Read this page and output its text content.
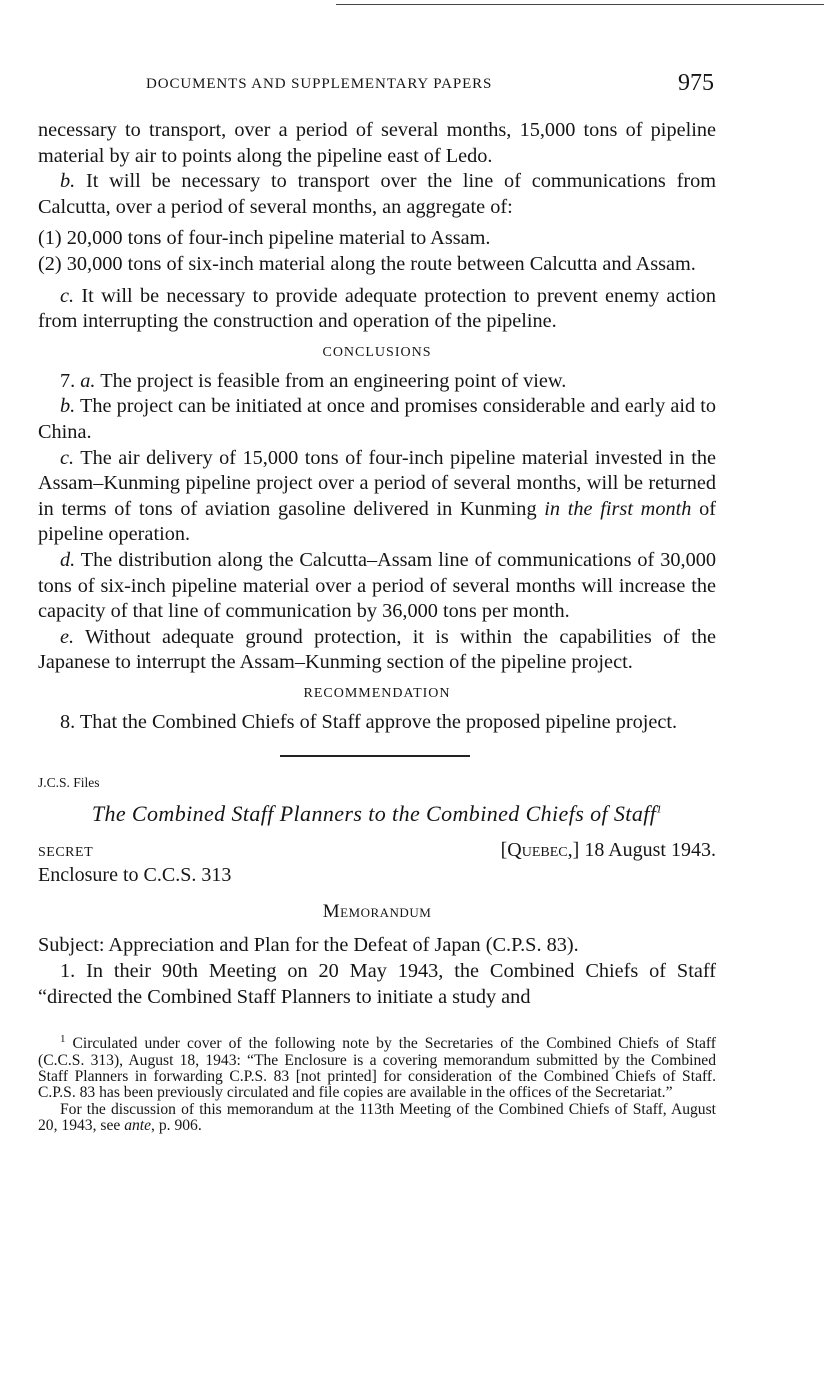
DOCUMENTS AND SUPPLEMENTARY PAPERS	975

necessary to transport, over a period of several months, 15,000 tons of pipeline material by air to points along the pipeline east of Ledo.

b. It will be necessary to transport over the line of communications from Calcutta, over a period of several months, an aggregate of:

(1) 20,000 tons of four-inch pipeline material to Assam.

(2) 30,000 tons of six-inch material along the route between Calcutta and Assam.

c. It will be necessary to provide adequate protection to prevent enemy action from interrupting the construction and operation of the pipeline.

CONCLUSIONS

7. a. The project is feasible from an engineering point of view.

b. The project can be initiated at once and promises considerable and early aid to China.

c. The air delivery of 15,000 tons of four-inch pipeline material invested in the Assam–Kunming pipeline project over a period of several months, will be returned in terms of tons of aviation gasoline delivered in Kunming in the first month of pipeline operation.

d. The distribution along the Calcutta–Assam line of communications of 30,000 tons of six-inch pipeline material over a period of several months will increase the capacity of that line of communication by 36,000 tons per month.

e. Without adequate ground protection, it is within the capabilities of the Japanese to interrupt the Assam–Kunming section of the pipeline project.

RECOMMENDATION

8. That the Combined Chiefs of Staff approve the proposed pipeline project.

J.C.S. Files
The Combined Staff Planners to the Combined Chiefs of Staff$^1$
SECRET	[Quebec,] 18 August 1943.
Enclosure to C.C.S. 313
Memorandum

Subject: Appreciation and Plan for the Defeat of Japan (C.P.S. 83).

1. In their 90th Meeting on 20 May 1943, the Combined Chiefs of Staff “directed the Combined Staff Planners to initiate a study and

$^1$ Circulated under cover of the following note by the Secretaries of the Combined Chiefs of Staff (C.C.S. 313), August 18, 1943: “The Enclosure is a covering memorandum submitted by the Combined Staff Planners in forwarding C.P.S. 83 [not printed] for consideration of the Combined Chiefs of Staff. C.P.S. 83 has been previously circulated and file copies are available in the offices of the Secretariat.”

For the discussion of this memorandum at the 113th Meeting of the Combined Chiefs of Staff, August 20, 1943, see ante, p. 906.
